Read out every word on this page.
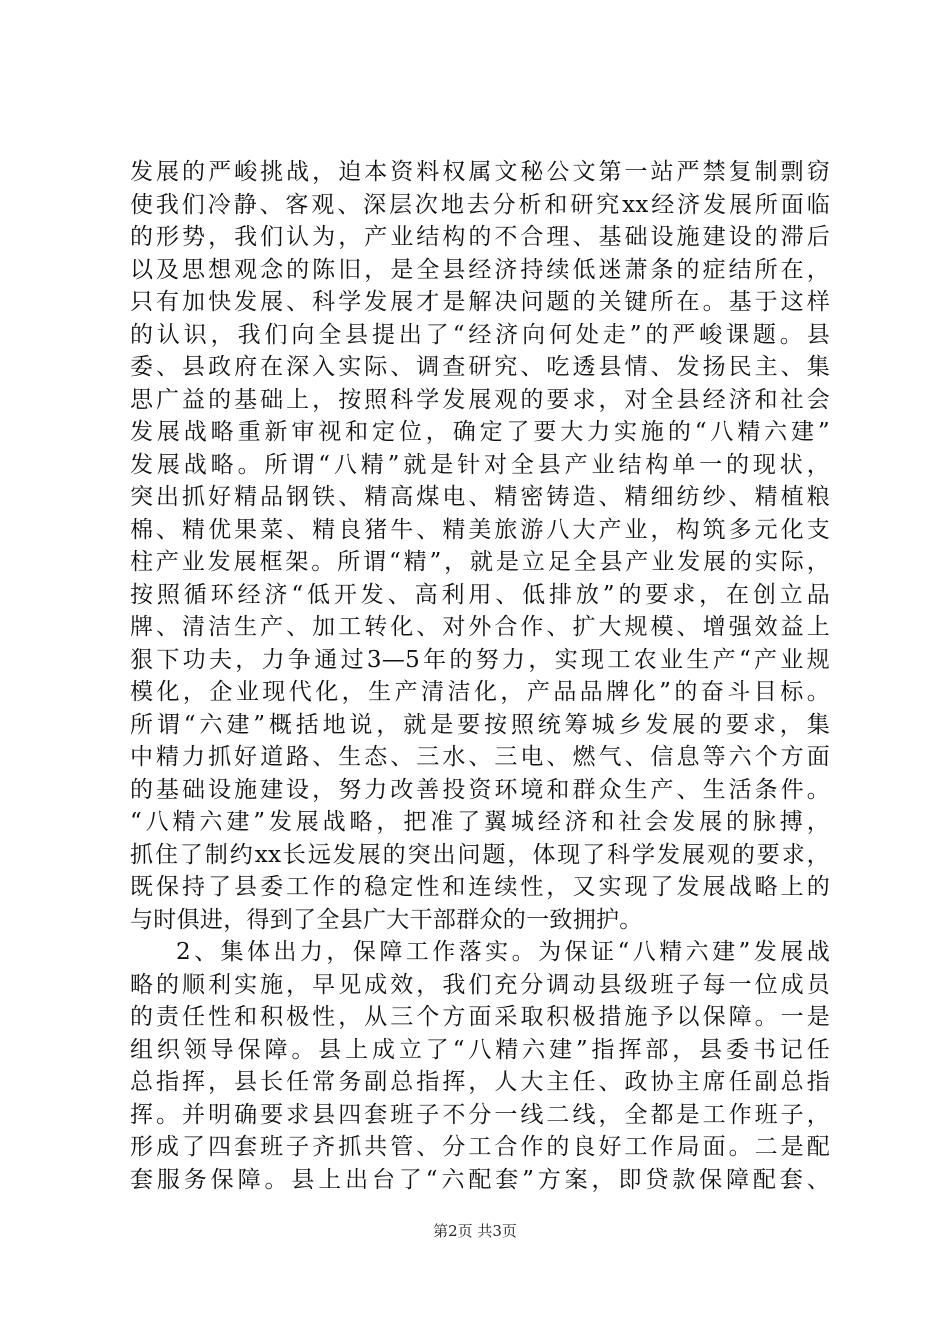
发展的严峻挑战，迫本资料权属文秘公文第一站严禁复制剽窃
使我们冷静、客观、深层次地去分析和研究xx经济发展所面临
的形势，我们认为，产业结构的不合理、基础设施建设的滞后
以及思想观念的陈旧，是全县经济持续低迷萧条的症结所在，
只有加快发展、科学发展才是解决问题的关键所在。基于这样
的认识，我们向全县提出了“经济向何处走”的严峻课题。县
委、县政府在深入实际、调查研究、吃透县情、发扬民主、集
思广益的基础上，按照科学发展观的要求，对全县经济和社会
发展战略重新审视和定位，确定了要大力实施的“八精六建”
发展战略。所谓“八精”就是针对全县产业结构单一的现状，
突出抓好精品钢铁、精高煤电、精密铸造、精细纺纱、精植粮
棉、精优果菜、精良猪牛、精美旅游八大产业，构筑多元化支
柱产业发展框架。所谓“精”，就是立足全县产业发展的实际，
按照循环经济“低开发、高利用、低排放”的要求，在创立品
牌、清洁生产、加工转化、对外合作、扩大规模、增强效益上
狠下功夫，力争通过3—5年的努力，实现工农业生产“产业规
模化，企业现代化，生产清洁化，产品品牌化”的奋斗目标。
所谓“六建”概括地说，就是要按照统筹城乡发展的要求，集
中精力抓好道路、生态、三水、三电、燃气、信息等六个方面
的基础设施建设，努力改善投资环境和群众生产、生活条件。
“八精六建”发展战略，把准了翼城经济和社会发展的脉搏，
抓住了制约xx长远发展的突出问题，体现了科学发展观的要求，
既保持了县委工作的稳定性和连续性，又实现了发展战略上的
与时俱进，得到了全县广大干部群众的一致拥护。
2、集体出力，保障工作落实。为保证“八精六建”发展战
略的顺利实施，早见成效，我们充分调动县级班子每一位成员
的责任性和积极性，从三个方面采取积极措施予以保障。一是
组织领导保障。县上成立了“八精六建”指挥部，县委书记任
总指挥，县长任常务副总指挥，人大主任、政协主席任副总指
挥。并明确要求县四套班子不分一线二线，全都是工作班子，
形成了四套班子齐抓共管、分工合作的良好工作局面。二是配
套服务保障。县上出台了“六配套”方案，即贷款保障配套、
第2页 共3页
